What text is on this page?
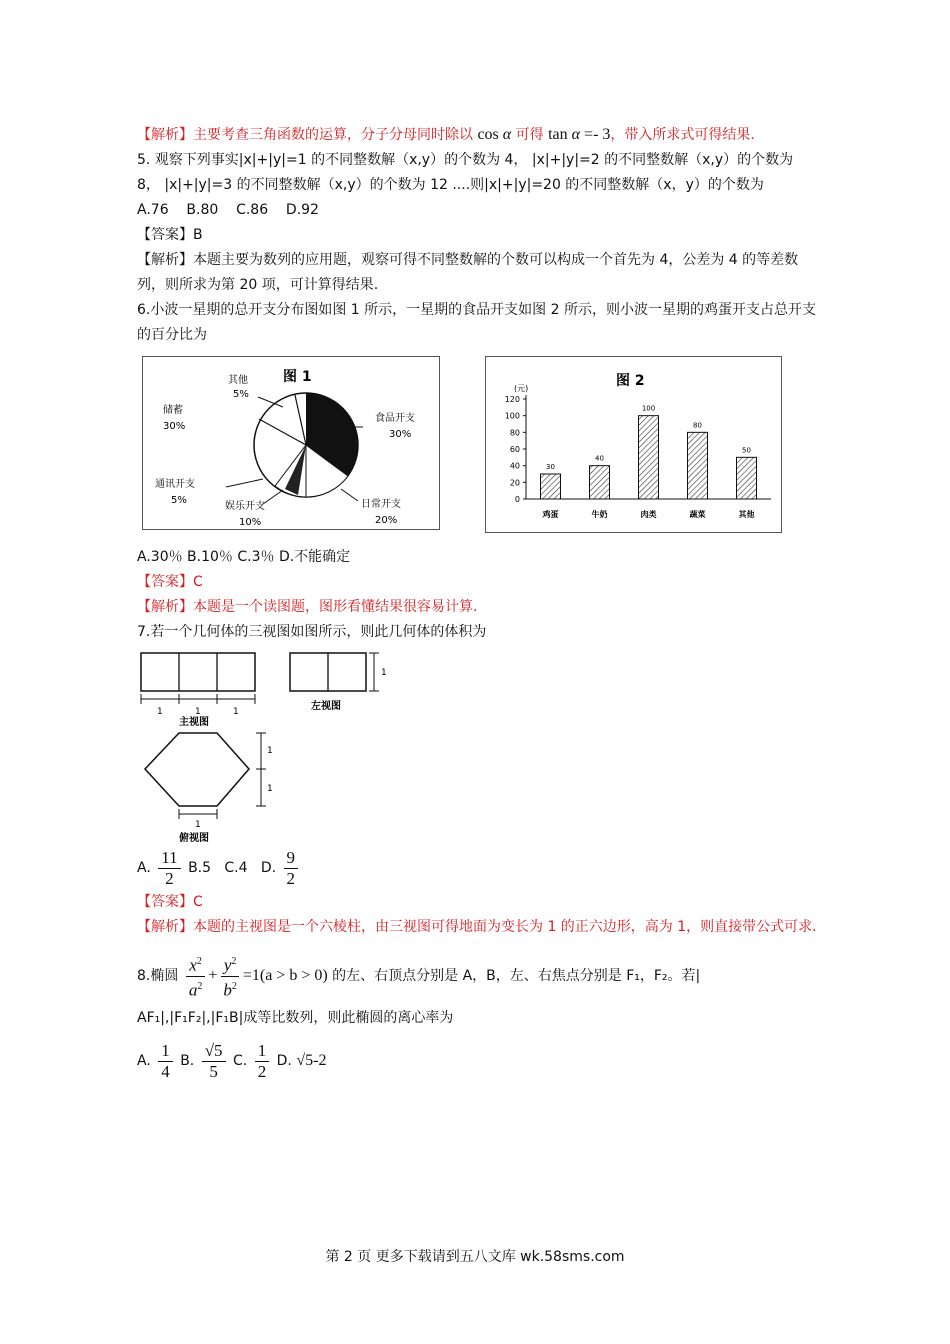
【解析】主要考查三角函数的运算，分子分母同时除以 cos α 可得 tan α =- 3，带入所求式可得结果.

5. 观察下列事实|x|+|y|=1 的不同整数解（x,y）的个数为 4， |x|+|y|=2 的不同整数解（x,y）的个数为 8， |x|+|y|=3 的不同整数解（x,y）的个数为 12 ....则|x|+|y|=20 的不同整数解（x，y）的个数为

A.76    B.80    C.86    D.92

【答案】B

【解析】本题主要为数列的应用题，观察可得不同整数解的个数可以构成一个首先为 4，公差为 4 的等差数列，则所求为第 20 项，可计算得结果.

6.小波一星期的总开支分布图如图 1 所示，一星期的食品开支如图 2 所示，则小波一星期的鸡蛋开支占总开支的百分比为

图 1
其他
5%
储蓄
30%
食品开支
30%
通讯开支
5%
娱乐开支
10%
日常开支
20%
图 2
(元)
0
20
40
60
80
100
120
30
鸡蛋
40
牛奶
100
肉类
80
蔬菜
50
其他

A.30％ B.10％ C.3％ D.不能确定

【答案】C

【解析】本题是一个读图题，图形看懂结果很容易计算.

7.若一个几何体的三视图如图所示，则此几何体的体积为

1	1	1
主视图
1
左视图
1
1
1
俯视图

A. $\frac{11}{2} B.5$   C.4   D. $\frac{9}{2}$

【答案】C

【解析】本题的主视图是一个六棱柱，由三视图可得地面为变长为 1 的正六边形，高为 1，则直接带公式可求.

8.椭圆 $\frac{x^2}{a^2} + \frac{y^2}{b^2} =1(a > b > 0)$ 的左、右顶点分别是 A，B，左、右焦点分别是 F₁，F₂。若|

AF₁|,|F₁F₂|,|F₁B|成等比数列，则此椭圆的离心率为

A. $\frac{1}{4} B$. $\frac{√5}{5} C$. $\frac{1}{2} D$. √5-2

第 2 页 更多下载请到五八文库 wk.58sms.com
